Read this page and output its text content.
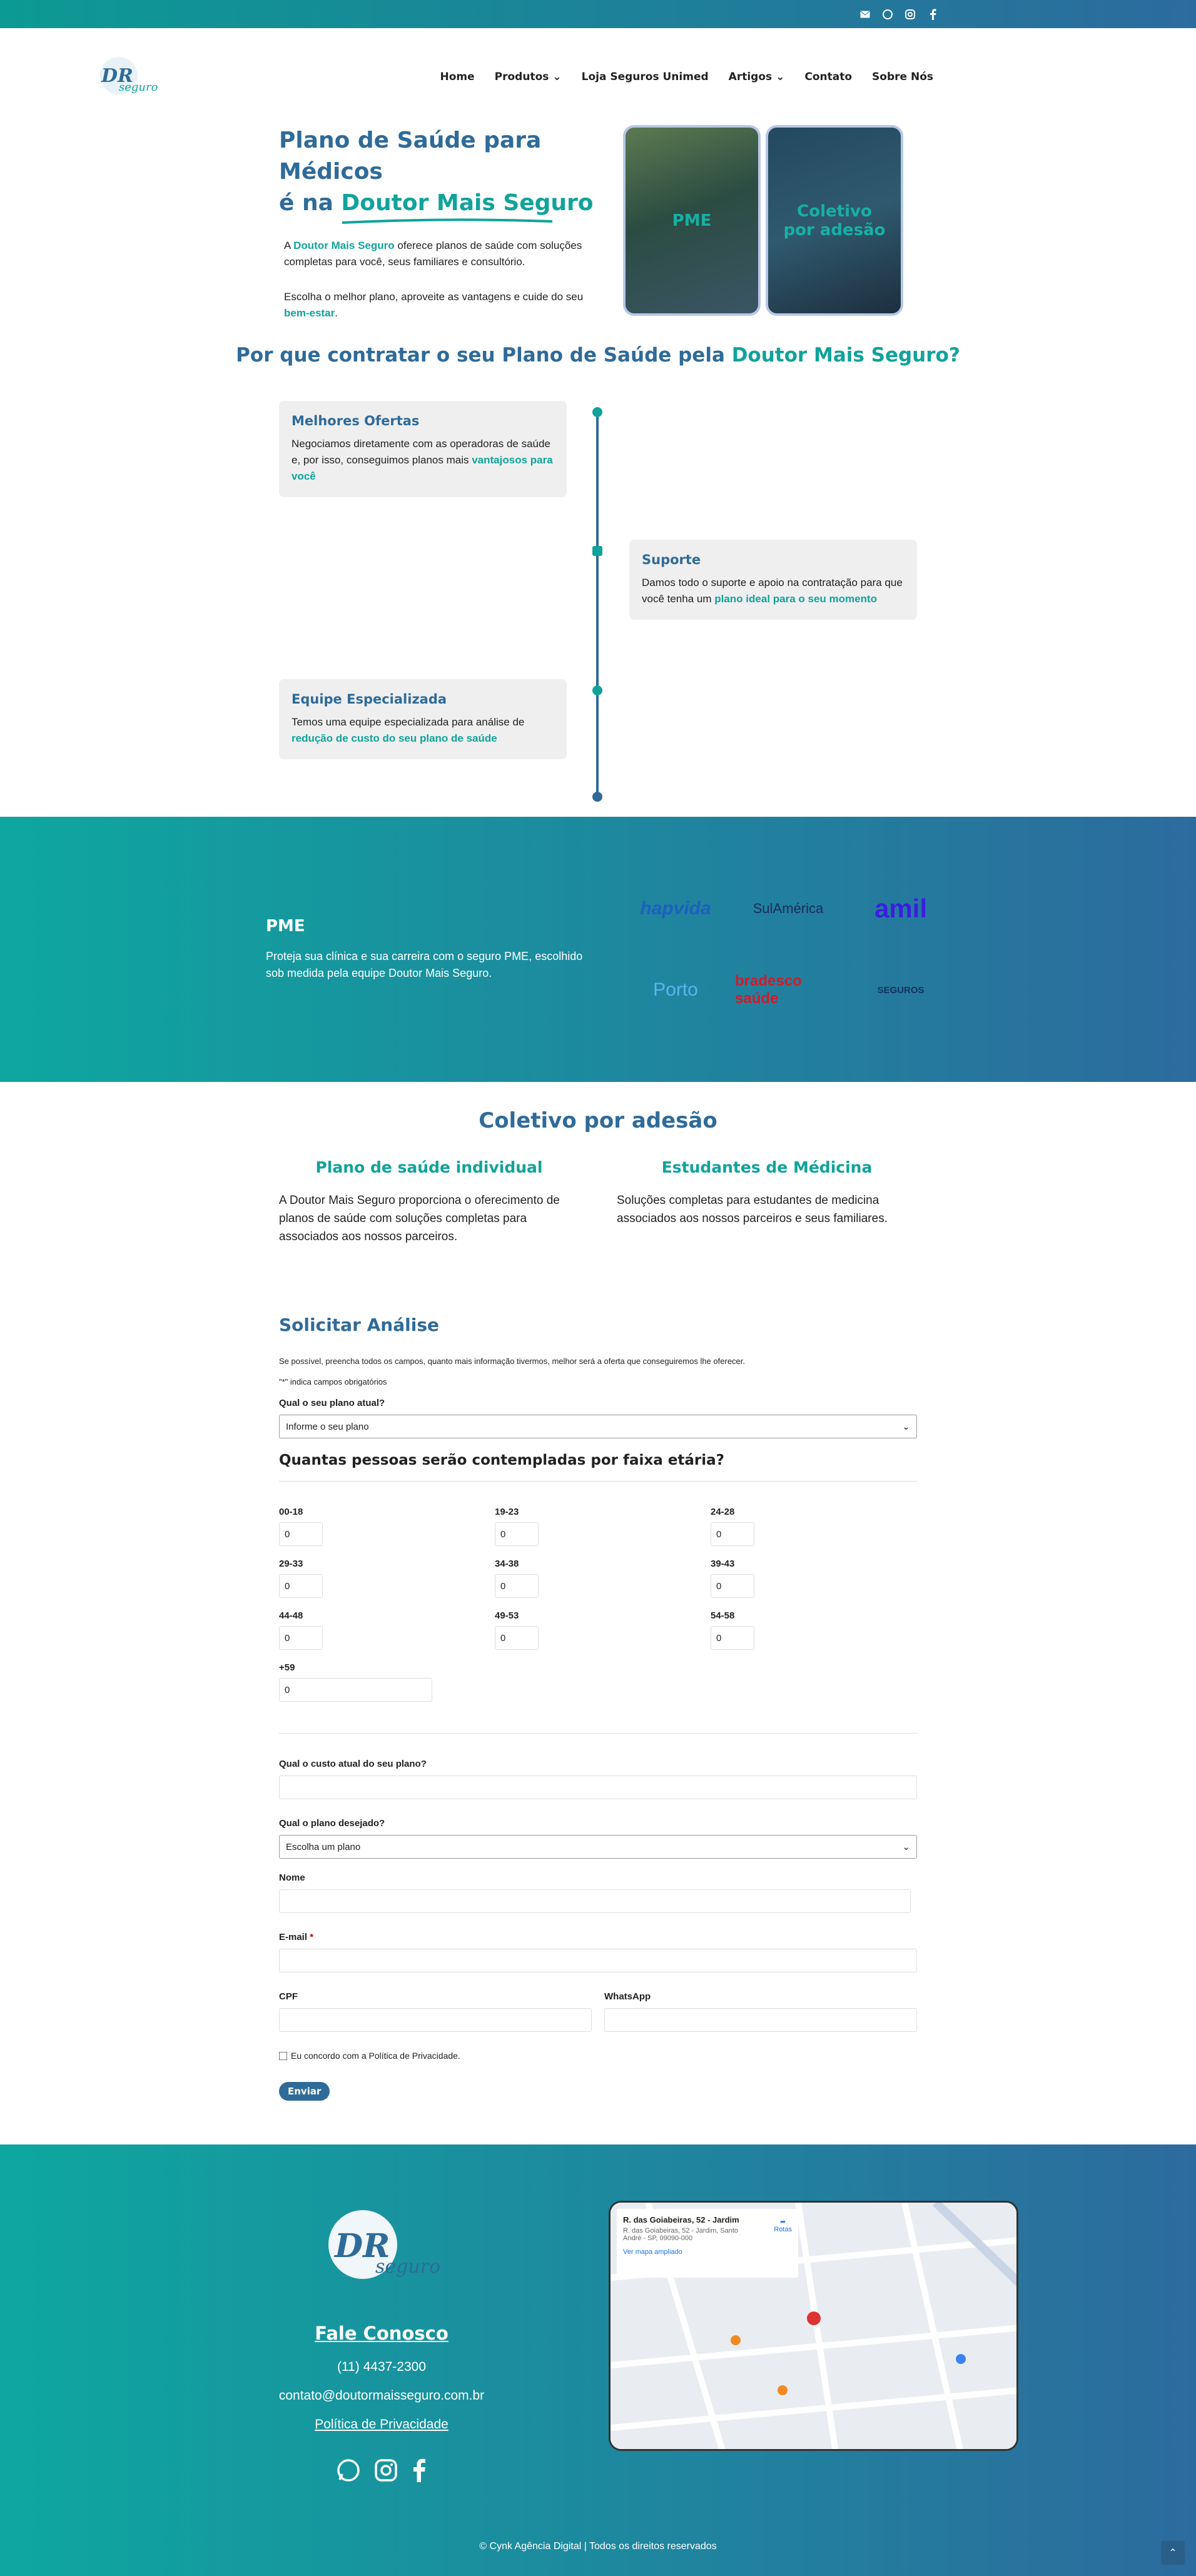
DR
seguro
Home Produtos ⌄ Loja Seguros Unimed Artigos ⌄ Contato Sobre Nós
Plano de Saúde para Médicos
é na Doutor Mais Seguro

A Doutor Mais Seguro oferece planos de saúde com soluções completas para você, seus familiares e consultório.

Escolha o melhor plano, aproveite as vantagens e cuide do seu bem-estar.

PME	Coletivo por adesão
Por que contratar o seu Plano de Saúde pela Doutor Mais Seguro?
Melhores Ofertas

Negociamos diretamente com as operadoras de saúde e, por isso, conseguimos planos mais vantajosos para você

Suporte

Damos todo o suporte e apoio na contratação para que você tenha um plano ideal para o seu momento

Equipe Especializada

Temos uma equipe especializada para análise de redução de custo do seu plano de saúde

PME

Proteja sua clínica e sua carreira com o seguro PME, escolhido sob medida pela equipe Doutor Mais Seguro.

hapvida	SulAmérica	amil
Porto	bradesco saúde	SEGUROS
Coletivo por adesão
Plano de saúde individual

A Doutor Mais Seguro proporciona o oferecimento de planos de saúde com soluções completas para associados aos nossos parceiros.

Estudantes de Médicina

Soluções completas para estudantes de medicina associados aos nossos parceiros e seus familiares.

Solicitar Análise

Se possível, preencha todos os campos, quanto mais informação tivermos, melhor será a oferta que conseguiremos lhe oferecer.

"*" indica campos obrigatórios

Qual o seu plano atual?
Informe o seu plano	⌄
Quantas pessoas serão contempladas por faixa etária?
00-18
0
19-23
0
24-28
0
29-33
0
34-38
0
39-43
0
44-48
0
49-53
0
54-58
0
+59
0
Qual o custo atual do seu plano?
Qual o plano desejado?
Escolha um plano	⌄
Nome
E-mail *
CPF	WhatsApp
Eu concordo com a Política de Privacidade.
Enviar
DR
seguro
Fale Conosco

(11) 4437-2300

contato@doutormaisseguro.com.br

Política de Privacidade
R. das Goiabeiras, 52 - Jardim
R. das Goiabeiras, 52 - Jardim, Santo André - SP, 09090-000
Ver mapa ampliado
➦
Rotas
© Cynk Agência Digital | Todos os direitos reservados
⌃
